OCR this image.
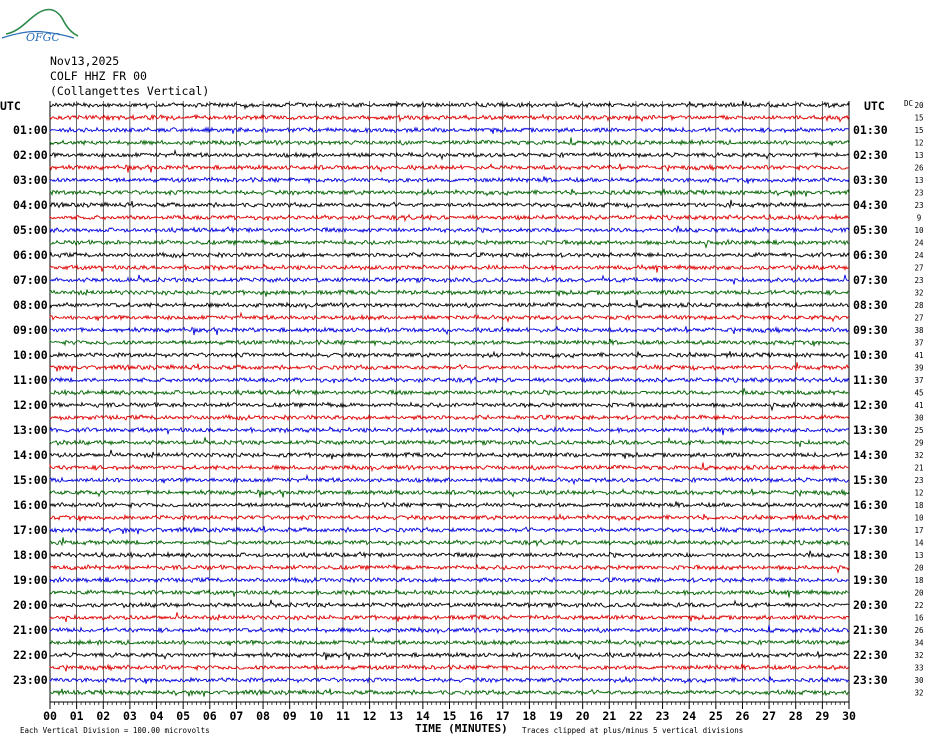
OFGC
Nov13,2025
COLF HHZ FR 00
(Collangettes Vertical)
01:00
02:00
03:00
04:00
05:00
06:00
07:00
08:00
09:00
10:00
11:00
12:00
13:00
14:00
15:00
16:00
17:00
18:00
19:00
20:00
21:00
22:00
23:00
01:30
02:30
03:30
04:30
05:30
06:30
07:30
08:30
09:30
10:30
11:30
12:30
13:30
14:30
15:30
16:30
17:30
18:30
19:30
20:30
21:30
22:30
23:30
20
15
15
12
13
26
13
23
23
9
10
24
24
27
23
32
28
27
38
37
41
39
37
45
41
30
25
29
32
21
23
12
18
10
17
14
13
20
18
20
22
16
26
34
32
33
30
32
00 01 02 03 04 05 06 07 08 09 10 11 12 13 14 15 16 17 18 19 20 21 22 23 24 25 26 27 28 29 30
UTC	UTC	DC
TIME (MINUTES)
Each Vertical Division = 100.00 microvolts	Traces clipped at plus/minus 5 vertical divisions
